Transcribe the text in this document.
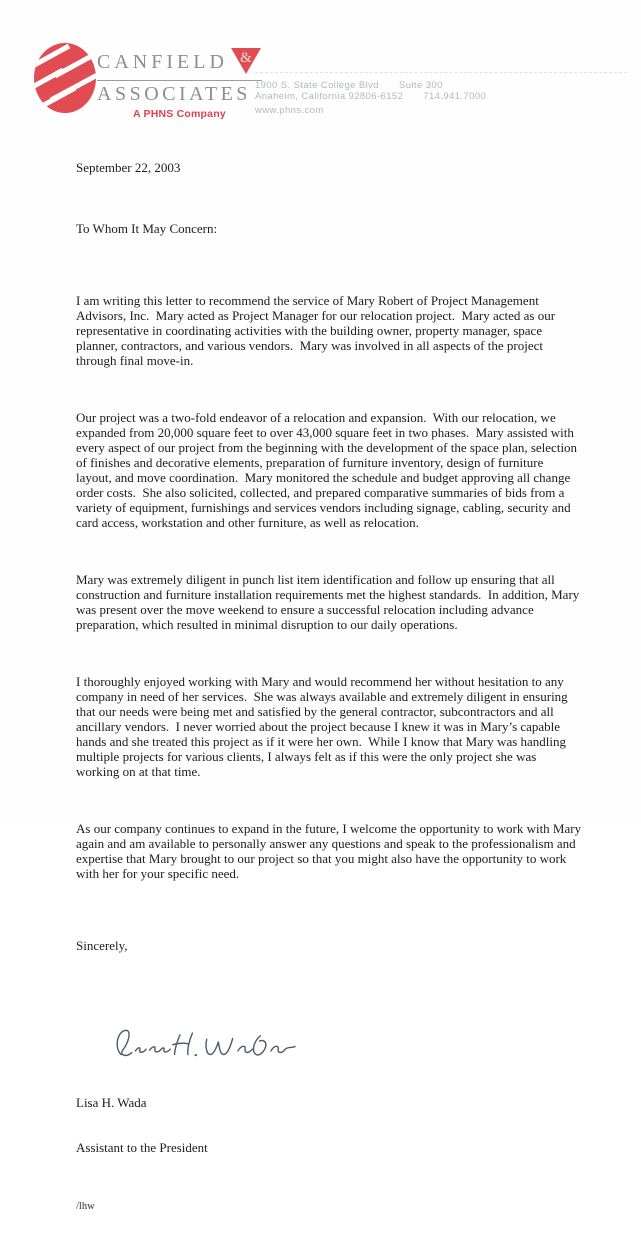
CANFIELD &
ASSOCIATES
A PHNS Company
1900 S. State College Blvd Suite 300 Anaheim, California 92806-6152 714.941.7000
www.phns.com

September 22, 2003

To Whom It May Concern:

I am writing this letter to recommend the service of Mary Robert of Project Management Advisors, Inc.  Mary acted as Project Manager for our relocation project.  Mary acted as our representative in coordinating activities with the building owner, property manager, space planner, contractors, and various vendors.  Mary was involved in all aspects of the project through final move-in.

Our project was a two-fold endeavor of a relocation and expansion.  With our relocation, we expanded from 20,000 square feet to over 43,000 square feet in two phases.  Mary assisted with every aspect of our project from the beginning with the development of the space plan, selection of finishes and decorative elements, preparation of furniture inventory, design of furniture layout, and move coordination.  Mary monitored the schedule and budget approving all change order costs.  She also solicited, collected, and prepared comparative summaries of bids from a variety of equipment, furnishings and services vendors including signage, cabling, security and card access, workstation and other furniture, as well as relocation.

Mary was extremely diligent in punch list item identification and follow up ensuring that all construction and furniture installation requirements met the highest standards.  In addition, Mary was present over the move weekend to ensure a successful relocation including advance preparation, which resulted in minimal disruption to our daily operations.

I thoroughly enjoyed working with Mary and would recommend her without hesitation to any company in need of her services.  She was always available and extremely diligent in ensuring that our needs were being met and satisfied by the general contractor, subcontractors and all ancillary vendors.  I never worried about the project because I knew it was in Mary’s capable hands and she treated this project as if it were her own.  While I know that Mary was handling multiple projects for various clients, I always felt as if this were the only project she was working on at that time.

As our company continues to expand in the future, I welcome the opportunity to work with Mary again and am available to personally answer any questions and speak to the professionalism and expertise that Mary brought to our project so that you might also have the opportunity to work with her for your specific need.

Sincerely,

Lisa H. Wada

Assistant to the President

/lhw
